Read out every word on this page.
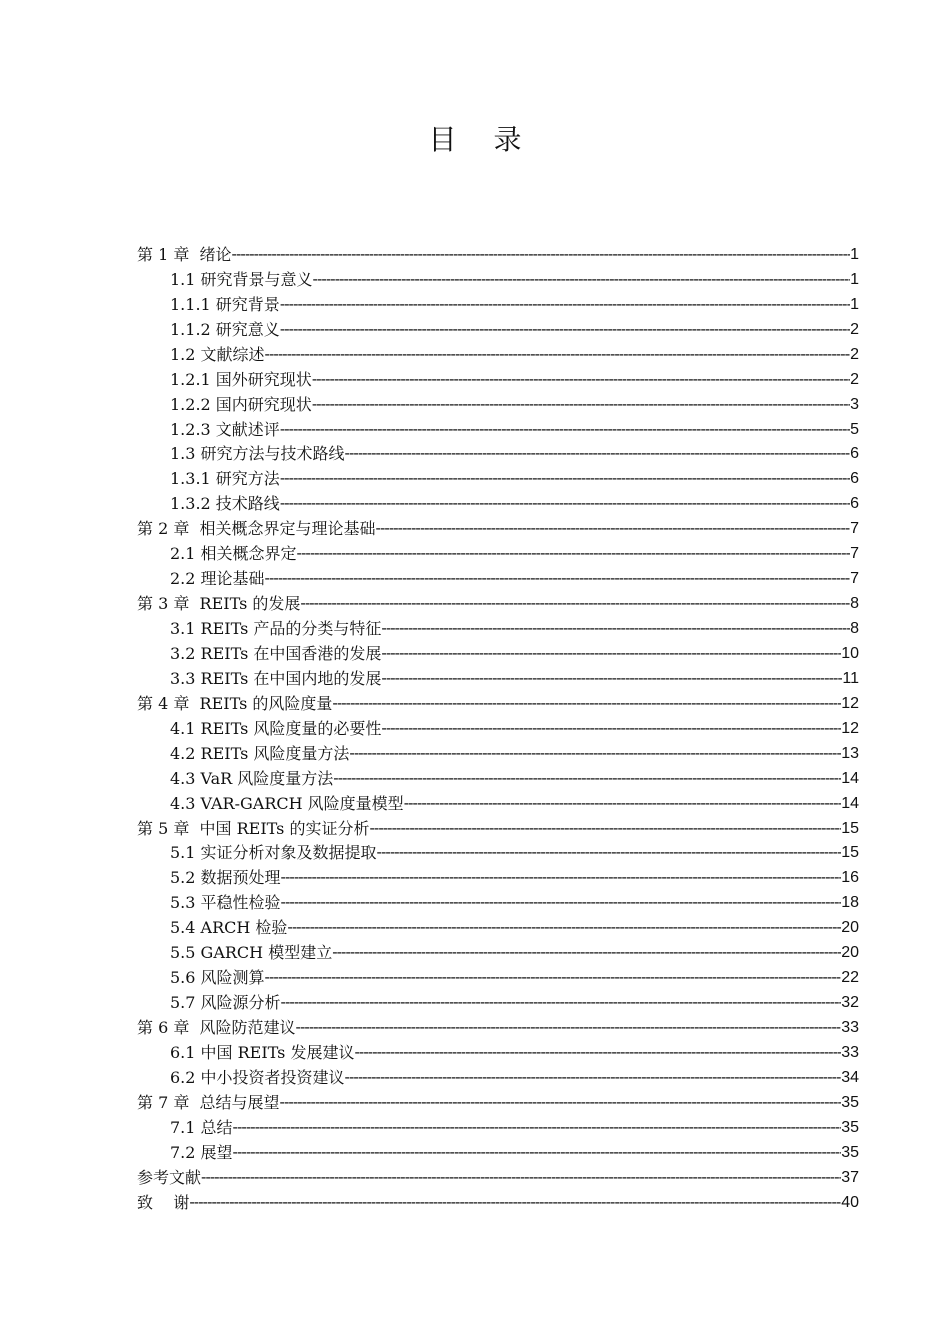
目 录
第 1 章  绪论 -----	1
1.1 研究背景与意义 -----	1
1.1.1 研究背景 -----	1
1.1.2 研究意义 -----	2
1.2 文献综述 -----	2
1.2.1 国外研究现状 -----	2
1.2.2 国内研究现状 -----	3
1.2.3 文献述评 -----	5
1.3 研究方法与技术路线 -----	6
1.3.1 研究方法 -----	6
1.3.2 技术路线 -----	6
第 2 章  相关概念界定与理论基础 -----	7
2.1 相关概念界定 -----	7
2.2 理论基础 -----	7
第 3 章  REITs 的发展 -----	8
3.1 REITs 产品的分类与特征 -----	8
3.2 REITs 在中国香港的发展 -----	10
3.3 REITs 在中国内地的发展 -----	11
第 4 章  REITs 的风险度量 -----	12
4.1 REITs 风险度量的必要性 -----	12
4.2 REITs 风险度量方法 -----	13
4.3 VaR 风险度量方法 -----	14
4.3 VAR-GARCH 风险度量模型 -----	14
第 5 章  中国 REITs 的实证分析 -----	15
5.1 实证分析对象及数据提取 -----	15
5.2 数据预处理 -----	16
5.3 平稳性检验 -----	18
5.4 ARCH 检验 -----	20
5.5 GARCH 模型建立 -----	20
5.6 风险测算 -----	22
5.7 风险源分析 -----	32
第 6 章  风险防范建议 -----	33
6.1 中国 REITs 发展建议 -----	33
6.2 中小投资者投资建议 -----	34
第 7 章  总结与展望 -----	35
7.1 总结 -----	35
7.2 展望 -----	35
参考文献 -----	37
致    谢 -----	40
